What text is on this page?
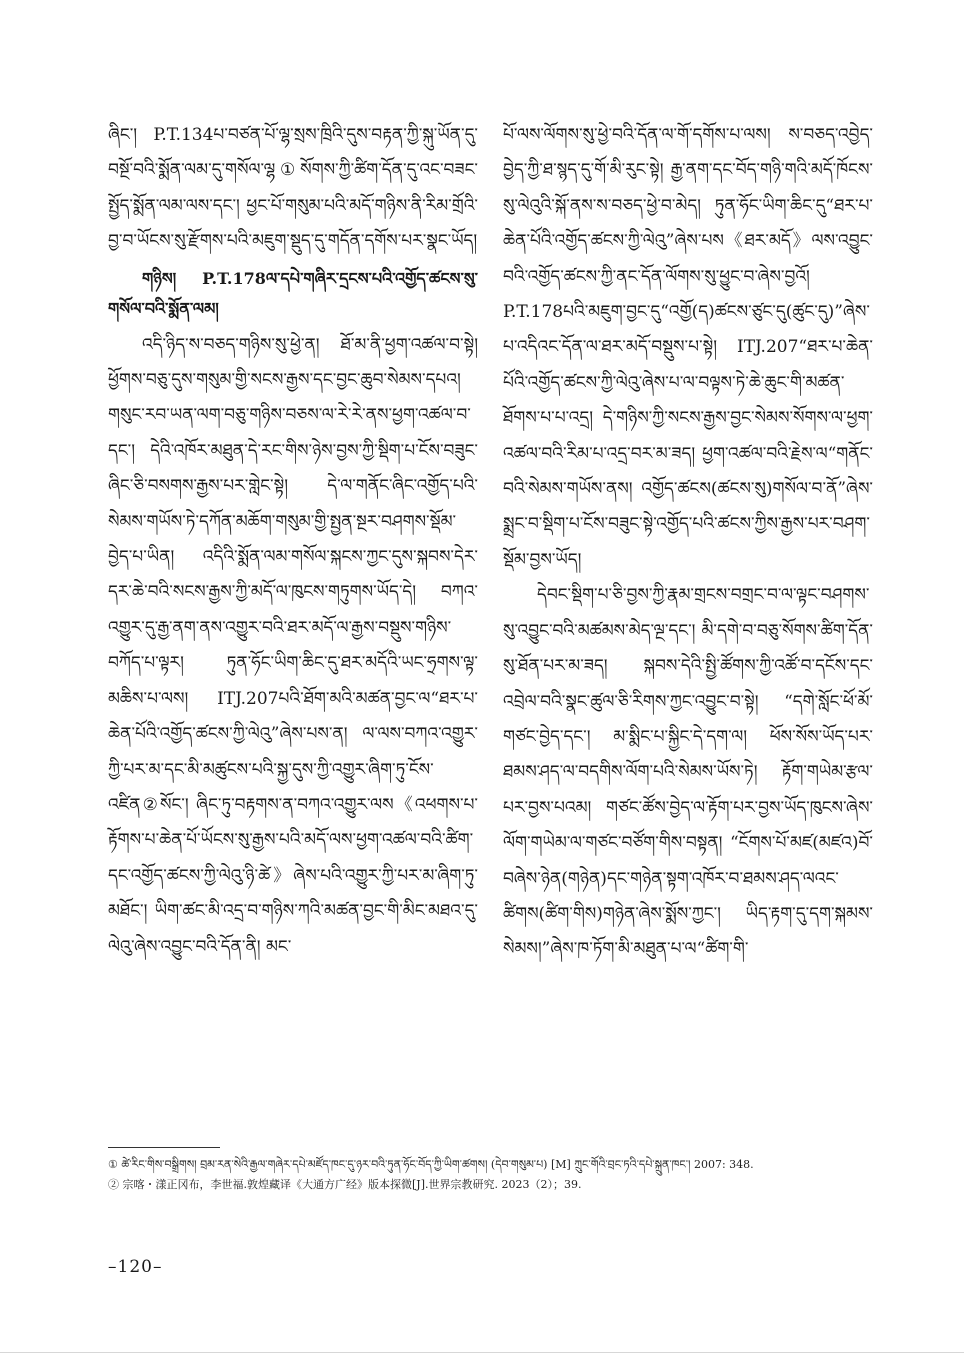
ཞིང་། P.T.134པ་བཙན་པོ་ལྷ་སྲས་ཁྲིའི་དུས་བརྟན་ཀྱི་སྐུ་ཡོན་དུ་བསྔོ་བའི་སྨོན་ལམ་དུ་གསོལ་ལྷ①སོགས་ཀྱི་ཚིག་དོན་དུ་འང་བཟང་སྤྱོད་སྨོན་ལམ་ལས་དང་། ཕྱང་པོ་གསུམ་པའི་མདོ་གཉིས་ནི་རིམ་གྲོའི་བྱ་བ་ཡོངས་སུ་རྫོགས་པའི་མཇུག་སྡུད་དུ་གདོན་དགོས་པར་སྣང་ཡོད།

གཉིས། P.T.178ལ་དཔེ་གཞིར་དྲངས་པའི་འགྱོད་ཚངས་སུ་གསོལ་བའི་སྨོན་ལམ།

འདི་ཉིད་ས་བཅད་གཉིས་སུ་ཕྱེ་ན། ཐོ་མ་ནི་ཕྱག་འཚལ་བ་སྟེ། ཕྱོགས་བཅུ་དུས་གསུམ་གྱི་སངས་རྒྱས་དང་བྱང་ཆུབ་སེམས་དཔའ། གསུང་རབ་ཡན་ལག་བཅུ་གཉིས་བཅས་ལ་རེ་རེ་ནས་ཕྱག་འཚལ་བ་དང་། དེའི་འཁོར་མཐུན་དེ་རང་གིས་ཉེས་བྱས་ཀྱི་སྡིག་པ་ངོས་བཟུང་ཞིང་ཅི་བསགས་རྒྱས་པར་གླེང་སྟེ། དེ་ལ་གནོང་ཞིང་འགྱོད་པའི་སེམས་གཡོས་ཏེ་དཀོན་མཆོག་གསུམ་གྱི་སྤྱན་སྔར་བཤགས་སྡོམ་བྱེད་པ་ཡིན། འདིའི་སྨོན་ལམ་གསོལ་སྐངས་ཀྱང་དུས་སྐབས་དེར་དར་ཆེ་བའི་སངས་རྒྱས་ཀྱི་མདོ་ལ་ཁུངས་གཏུགས་ཡོད་དེ། བཀའ་འགྱུར་དུ་རྒྱ་ནག་ནས་འགྱུར་བའི་ཐར་མདོ་ལ་རྒྱས་བསྡུས་གཉིས་བཀོད་པ་ལྟར། ཏུན་ཧོང་ཡིག་ཆིང་དུ་ཐར་མདོའི་ཡང་ཧྲགས་ལྟ་མཆིས་པ་ལས། ITJ.207པའི་ཐོག་མའི་མཚན་བྱང་ལ“ཐར་པ་ཆེན་པོའི་འགྱོད་ཚངས་ཀྱི་ལེའུ”ཞེས་པས་ན། ལ་ལས་བཀའ་འགྱུར་ཀྱི་པར་མ་དང་མི་མཚུངས་པའི་སྐྱ་དུས་ཀྱི་འགྱུར་ཞིག་ཏུ་ངོས་འཛིན②སོང་། ཞིང་ཏུ་བརྟགས་ན་བཀའ་འགྱུར་ལས《འཕགས་པ་རྟོགས་པ་ཆེན་པོ་ཡོངས་སུ་རྒྱས་པའི་མདོ་ལས་ཕྱག་འཚལ་བའི་ཚིག་དང་འགྱོད་ཚངས་ཀྱི་ལེའུ་ཉི་ཚེ》ཞེས་པའི་འགྱུར་ཀྱི་པར་མ་ཞིག་ཏུ་མཐོང་། ཡིག་ཚང་མི་འདྲ་བ་གཉིས་ཀའི་མཚན་བྱང་གི་མིང་མཐའ་དུ་ལེའུ་ཞེས་འབྱུང་བའི་དོན་ནི། མང་

པོ་ལས་ལོགས་སུ་ཕྱེ་བའི་དོན་ལ་གོ་དགོས་པ་ལས། ས་བཅད་འབྱེད་བྱེད་ཀྱི་ཐ་སྙད་དུ་གོ་མི་རུང་སྟེ། རྒྱ་ནག་དང་བོད་གཉི་གའི་མདོ་ཁོངས་སུ་ལེའུའི་སྐོ་ནས་ས་བཅད་ཕྱེ་བ་མེད། ཏུན་ཧོང་ཡིག་ཆིང་དུ“ཐར་པ་ཆེན་པོའི་འགྱོད་ཚངས་ཀྱི་ལེའུ”ཞེས་པས《ཐར་མདོ》ལས་འབྱུང་བའི་འགྱོད་ཚངས་ཀྱི་ནང་དོན་ལོགས་སུ་ཕྱུང་བ་ཞེས་བྱའོ། P.T.178པའི་མཇུག་བྱང་དུ“འགྱོ(ད)ཚངས་ཙུང་དུ(ཚུང་དུ)”ཞེས་པ་འདིའང་དོན་ལ་ཐར་མདོ་བསྡུས་པ་སྟེ། ITJ.207“ཐར་པ་ཆེན་པོའི་འགྱོད་ཚངས་ཀྱི་ལེའུ་ཞེས་པ་ལ་བལྟས་ཏེ་ཆེ་ཆུང་གི་མཚན་ཐོགས་པ་པ་འདྲ། དེ་གཉིས་ཀྱི་སངས་རྒྱས་བྱང་སེམས་སོགས་ལ་ཕྱག་འཚལ་བའི་རིམ་པ་འདྲ་བར་མ་ཟད། ཕྱག་འཚལ་བའི་རྗེས་ལ“གནོང་བའི་སེམས་གཡོས་ནས། འགྱོད་ཚངས(ཚངས་སུ)གསོལ་བ་ནོ”ཞེས་སྨྲང་བ་སྡིག་པ་ངོས་བཟུང་སྟེ་འགྱོད་པའི་ཚངས་ཀྱིས་རྒྱས་པར་བཤག་སྡོམ་བྱས་ཡོད།

དེབང་སྡིག་པ་ཅི་བྱས་ཀྱི་རྣམ་གྲངས་བགྲང་བ་ལ་ལྟང་བཤགས་སུ་འབྱུང་བའི་མཚམས་མེད་ལྔ་དང་། མི་དགེ་བ་བཅུ་སོགས་ཚིག་དོན་སུ་ཐོན་པར་མ་ཟད། སྐབས་དེའི་སྤྱི་ཚོགས་ཀྱི་འཚོ་བ་དངོས་དང་འབྲེལ་བའི་སྣང་ཚུལ་ཅི་རིགས་ཀྱང་འབྱུང་བ་སྟེ། “དགེ་སློང་ཕོ་མོ་གཙང་བྱེད་དང་། མ་སྨིང་པ་སྐྱིང་དེ་དག་ལ། ཕོས་སོས་ཡོད་པར་ཐམས་ཤད་ལ་བདགིས་ལོག་པའི་སེམས་ཡོས་ཏེ། རྟོག་གཡེམ་རྩལ་པར་བྱས་པའམ། གཙང་ཚོས་བྱེད་ལ་རྟོག་པར་བྱས་ཡོད་ཁུངས་ཞེས་ལོག་གཡེམ་ལ་གཙང་བཙོག་གིས་བསྟན། “ངོགས་པོ་མཛ(མཛའ)བོ་བཞེས་ཉེན(གཉེན)དང་གཉེན་སྟག་འཁོར་བ་ཐམས་ཤད་ལའང་ཚིགས(ཚིག་གིས)གཉེན་ཞེས་སྨོས་ཀྱང་། ཡིད་རྟག་དུ་དག་སྐམས་སེམས།”ཞེས་ཁ་ཏོག་མི་མཐུན་པ་ལ“ཚིག་གི་

① ཚེ་རིང་གིས་བསྒྲིགས། བྲམ་རན་སེའི་རྒྱལ་གཞེར་དཔེ་མཛོད་ཁང་དུ་ཉར་བའི་ཏུན་ཧོང་བོད་ཀྱི་ཡིག་ཚགས། (དེབ་གསུམ་པ) [M] ཀྲུང་གོའི་བྲང་ཏའི་དཔེ་སྐྲུན་ཁང་། 2007: 348.
② 宗喀・漾正冈布，李世福.敦煌藏译《大通方广经》版本探微[J].世界宗教研究. 2023（2）；39.
–120–
